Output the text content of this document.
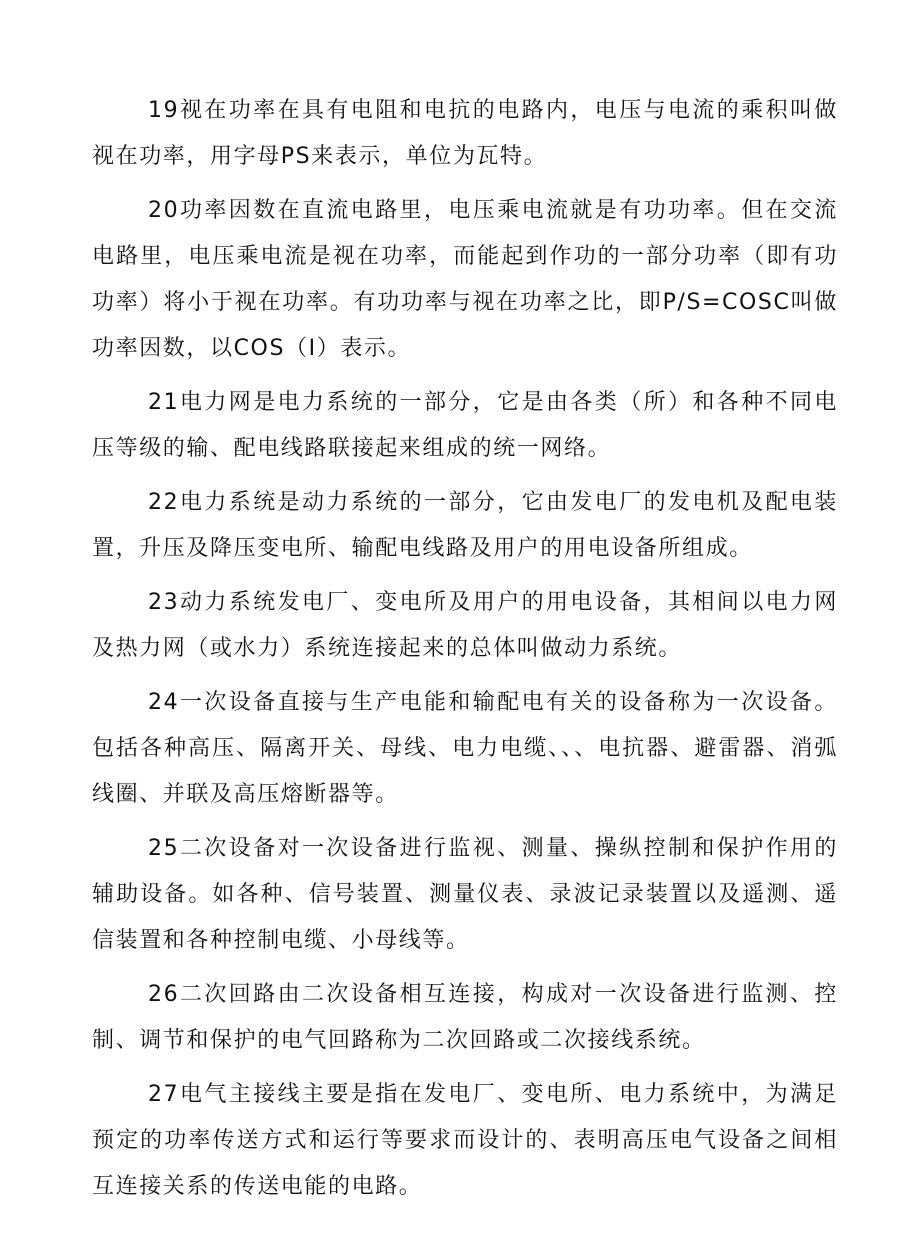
19视在功率在具有电阻和电抗的电路内，电压与电流的乘积叫做视在功率，用字母PS来表示，单位为瓦特。

20功率因数在直流电路里，电压乘电流就是有功功率。但在交流电路里，电压乘电流是视在功率，而能起到作功的一部分功率（即有功功率）将小于视在功率。有功功率与视在功率之比，即P/S=COSC叫做功率因数，以COS（I）表示。

21电力网是电力系统的一部分，它是由各类（所）和各种不同电压等级的输、配电线路联接起来组成的统一网络。

22电力系统是动力系统的一部分，它由发电厂的发电机及配电装置，升压及降压变电所、输配电线路及用户的用电设备所组成。

23动力系统发电厂、变电所及用户的用电设备，其相间以电力网及热力网（或水力）系统连接起来的总体叫做动力系统。

24一次设备直接与生产电能和输配电有关的设备称为一次设备。包括各种高压、隔离开关、母线、电力电缆、、、电抗器、避雷器、消弧线圈、并联及高压熔断器等。

25二次设备对一次设备进行监视、测量、操纵控制和保护作用的辅助设备。如各种、信号装置、测量仪表、录波记录装置以及遥测、遥信装置和各种控制电缆、小母线等。

26二次回路由二次设备相互连接，构成对一次设备进行监测、控制、调节和保护的电气回路称为二次回路或二次接线系统。

27电气主接线主要是指在发电厂、变电所、电力系统中，为满足预定的功率传送方式和运行等要求而设计的、表明高压电气设备之间相互连接关系的传送电能的电路。
